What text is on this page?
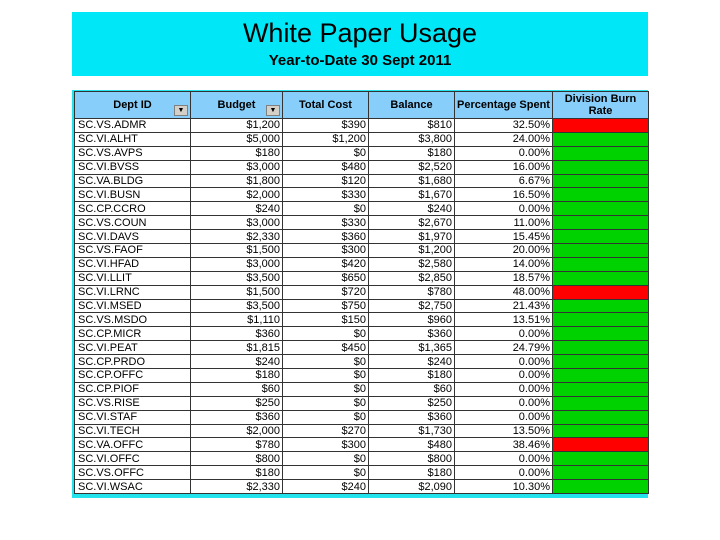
White Paper Usage
Year-to-Date 30 Sept 2011
Dept ID ▼	Budget ▼	Total Cost	Balance	Percentage Spent	Division Burn Rate
SC.VS.ADMR	$1,200	$390	$810	32.50%	
SC.VI.ALHT	$5,000	$1,200	$3,800	24.00%	
SC.VS.AVPS	$180	$0	$180	0.00%	
SC.VI.BVSS	$3,000	$480	$2,520	16.00%	
SC.VA.BLDG	$1,800	$120	$1,680	6.67%	
SC.VI.BUSN	$2,000	$330	$1,670	16.50%	
SC.CP.CCRO	$240	$0	$240	0.00%	
SC.VS.COUN	$3,000	$330	$2,670	11.00%	
SC.VI.DAVS	$2,330	$360	$1,970	15.45%	
SC.VS.FAOF	$1,500	$300	$1,200	20.00%	
SC.VI.HFAD	$3,000	$420	$2,580	14.00%	
SC.VI.LLIT	$3,500	$650	$2,850	18.57%	
SC.VI.LRNC	$1,500	$720	$780	48.00%	
SC.VI.MSED	$3,500	$750	$2,750	21.43%	
SC.VS.MSDO	$1,110	$150	$960	13.51%	
SC.CP.MICR	$360	$0	$360	0.00%	
SC.VI.PEAT	$1,815	$450	$1,365	24.79%	
SC.CP.PRDO	$240	$0	$240	0.00%	
SC.CP.OFFC	$180	$0	$180	0.00%	
SC.CP.PIOF	$60	$0	$60	0.00%	
SC.VS.RISE	$250	$0	$250	0.00%	
SC.VI.STAF	$360	$0	$360	0.00%	
SC.VI.TECH	$2,000	$270	$1,730	13.50%	
SC.VA.OFFC	$780	$300	$480	38.46%	
SC.VI.OFFC	$800	$0	$800	0.00%	
SC.VS.OFFC	$180	$0	$180	0.00%	
SC.VI.WSAC	$2,330	$240	$2,090	10.30%	
